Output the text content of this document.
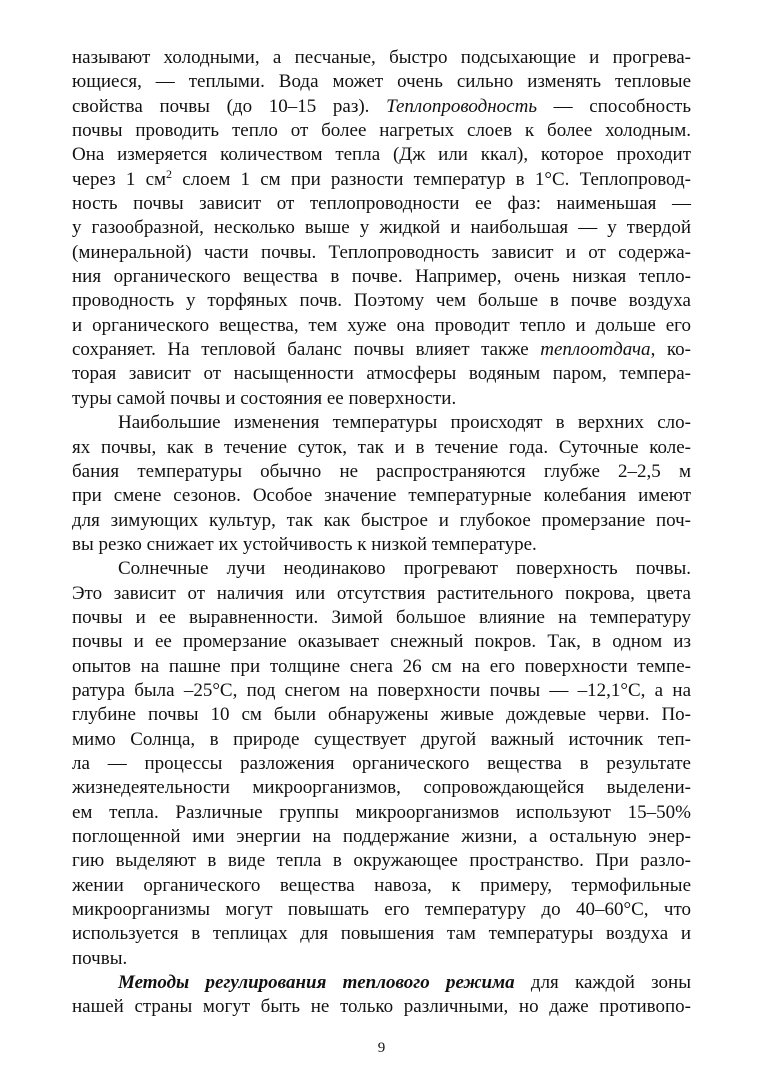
называют холодными, а песчаные, быстро подсыхающие и прогрева-
ющиеся, — теплыми. Вода может очень сильно изменять тепловые
свойства почвы (до 10–15 раз). Теплопроводность — способность
почвы проводить тепло от более нагретых слоев к более холодным.
Она измеряется количеством тепла (Дж или ккал), которое проходит
через 1 $см^2$ слоем 1 см при разности температур в 1°С. Теплопровод-
ность почвы зависит от теплопроводности ее фаз: наименьшая —
у газообразной, несколько выше у жидкой и наибольшая — у твердой
(минеральной) части почвы. Теплопроводность зависит и от содержа-
ния органического вещества в почве. Например, очень низкая тепло-
проводность у торфяных почв. Поэтому чем больше в почве воздуха
и органического вещества, тем хуже она проводит тепло и дольше его
сохраняет. На тепловой баланс почвы влияет также теплоотдача, ко-
торая зависит от насыщенности атмосферы водяным паром, темпера-
туры самой почвы и состояния ее поверхности.
Наибольшие изменения температуры происходят в верхних сло-
ях почвы, как в течение суток, так и в течение года. Суточные коле-
бания температуры обычно не распространяются глубже 2–2,5 м
при смене сезонов. Особое значение температурные колебания имеют
для зимующих культур, так как быстрое и глубокое промерзание поч-
вы резко снижает их устойчивость к низкой температуре.
Солнечные лучи неодинаково прогревают поверхность почвы.
Это зависит от наличия или отсутствия растительного покрова, цвета
почвы и ее выравненности. Зимой большое влияние на температуру
почвы и ее промерзание оказывает снежный покров. Так, в одном из
опытов на пашне при толщине снега 26 см на его поверхности темпе-
ратура была –25°С, под снегом на поверхности почвы — –12,1°С, а на
глубине почвы 10 см были обнаружены живые дождевые черви. По-
мимо Солнца, в природе существует другой важный источник теп-
ла — процессы разложения органического вещества в результате
жизнедеятельности микроорганизмов, сопровождающейся выделени-
ем тепла. Различные группы микроорганизмов используют 15–50%
поглощенной ими энергии на поддержание жизни, а остальную энер-
гию выделяют в виде тепла в окружающее пространство. При разло-
жении органического вещества навоза, к примеру, термофильные
микроорганизмы могут повышать его температуру до 40–60°С, что
используется в теплицах для повышения там температуры воздуха и
почвы.
Методы регулирования теплового режима для каждой зоны
нашей страны могут быть не только различными, но даже противопо-
9
